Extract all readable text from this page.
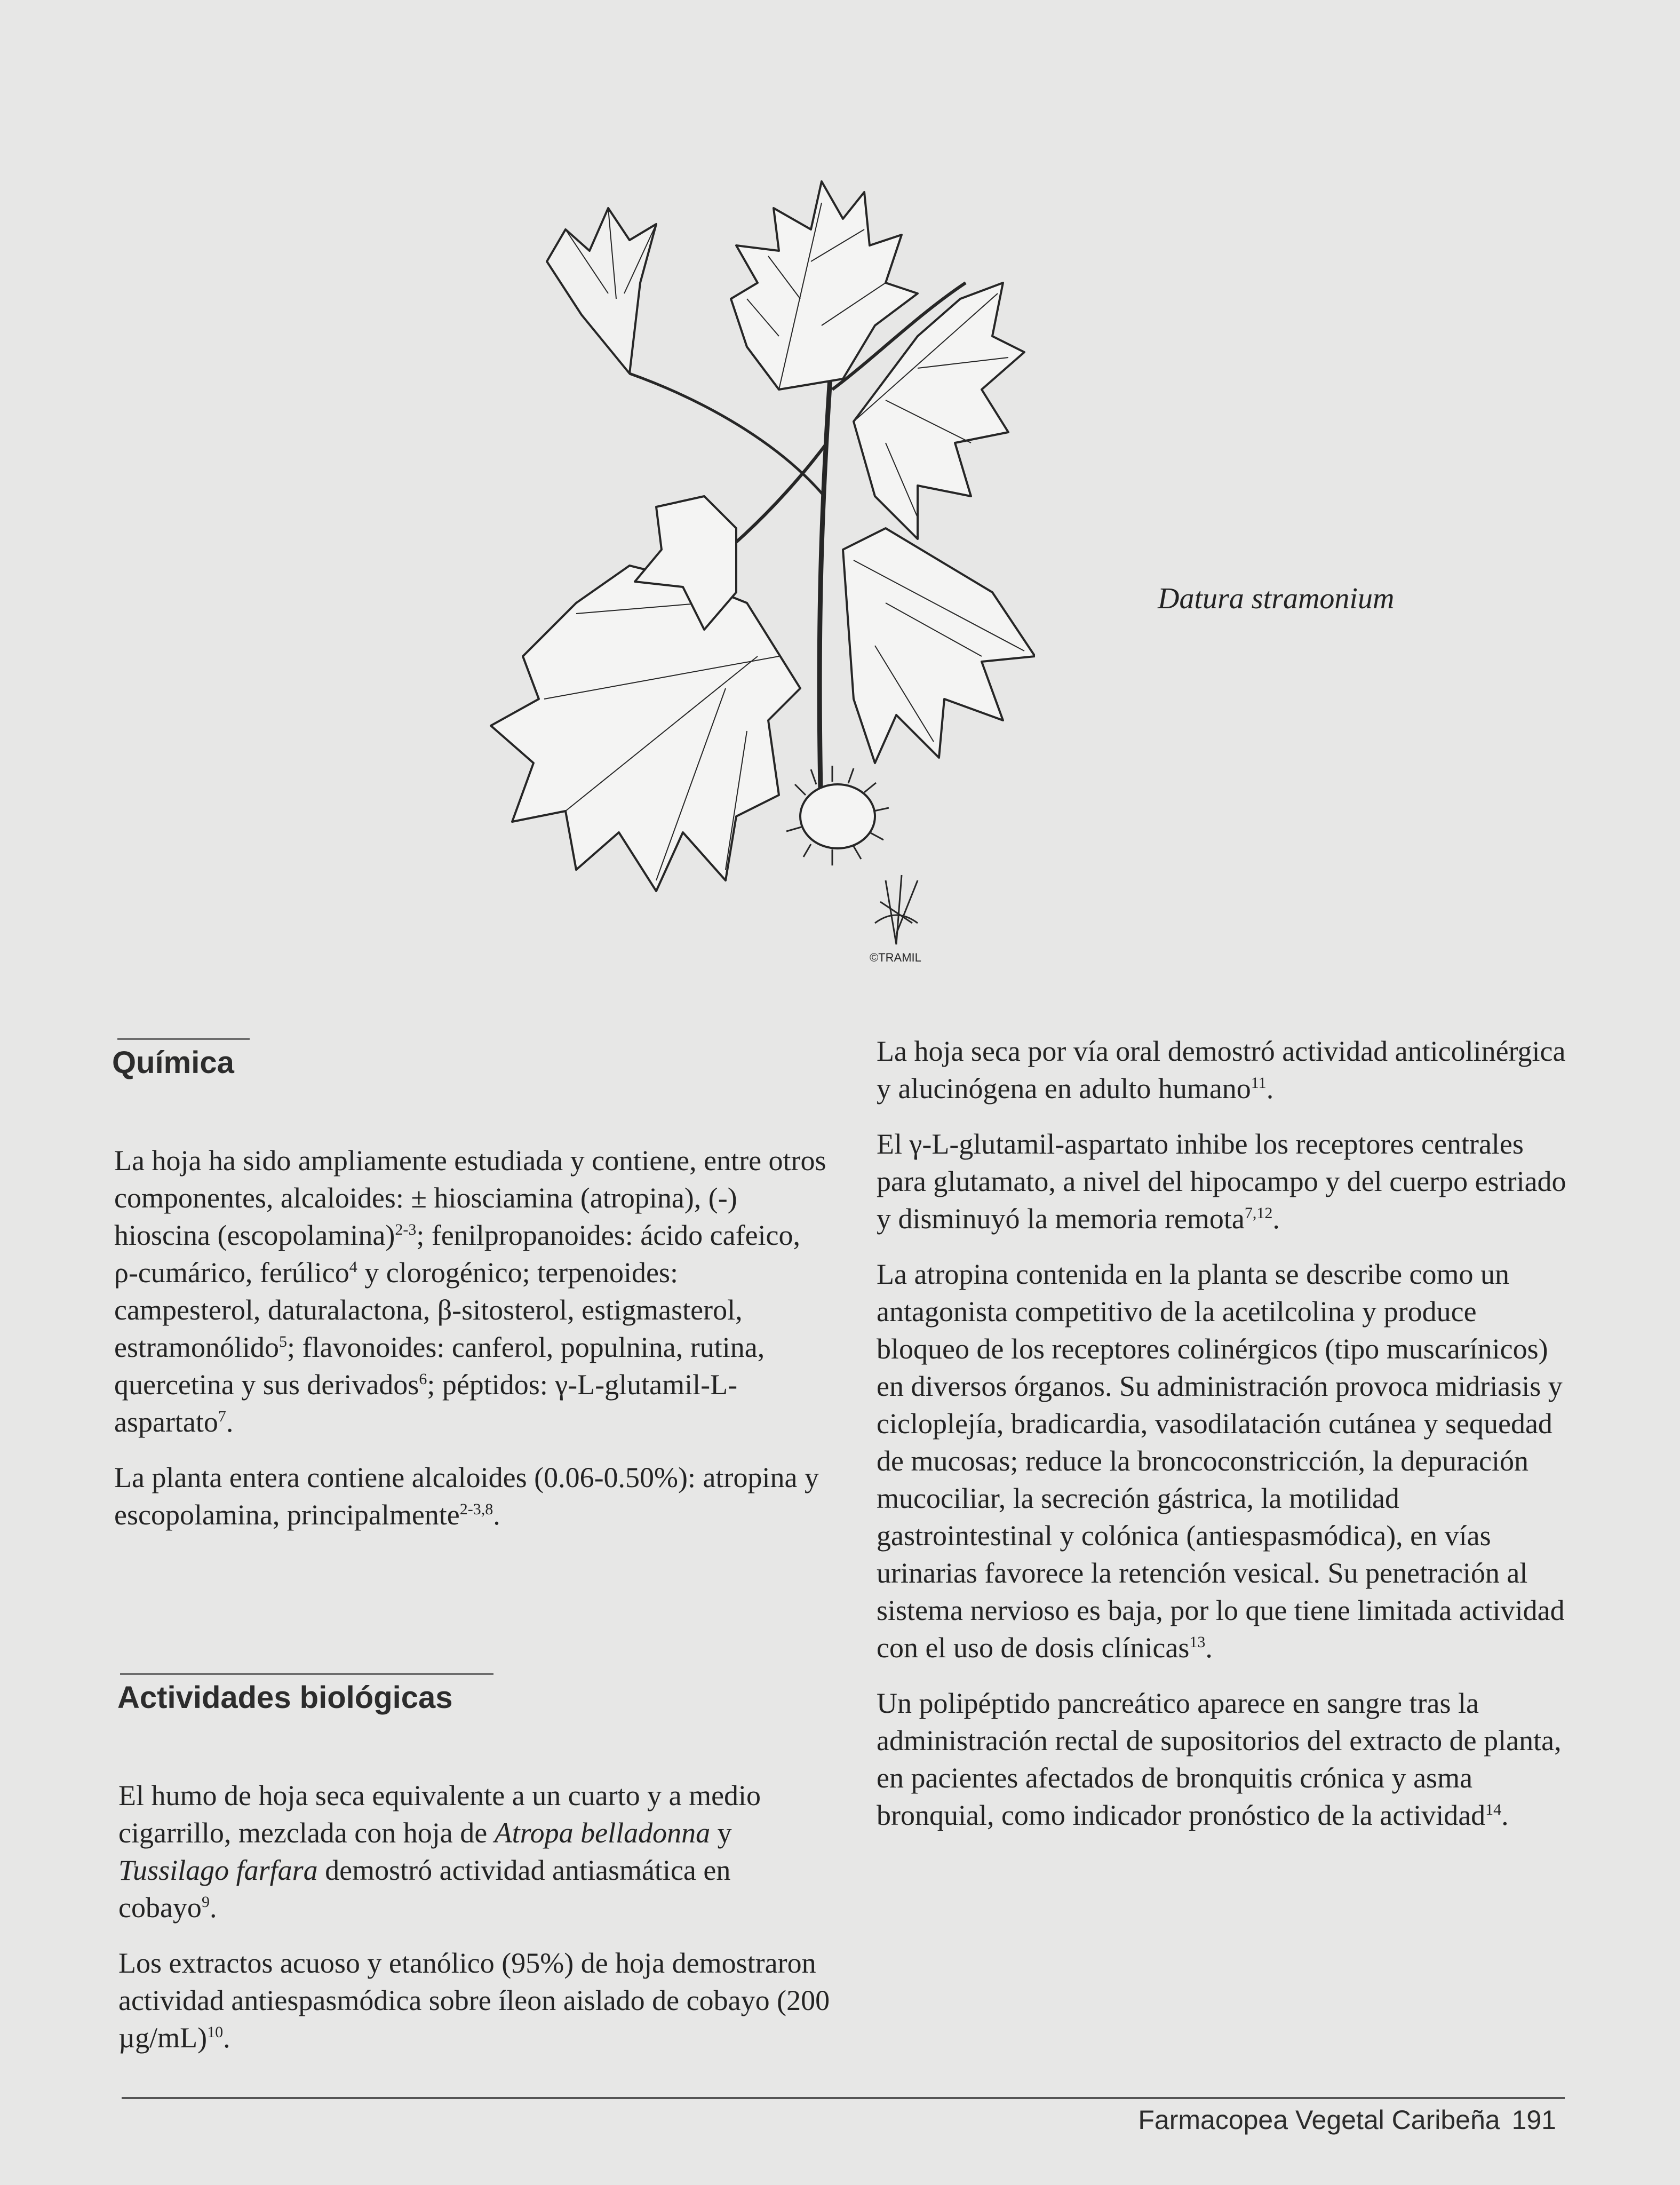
©TRAMIL
Datura stramonium
Química

La hoja ha sido ampliamente estudiada y contiene, entre otros componentes, alcaloides: ± hiosciamina (atropina), (-) hioscina (escopolamina)$^{2-3}$; fenilpropanoides: ácido cafeico, ρ-cumárico, ferúlico$^4$ y clorogénico; terpenoides: campesterol, daturalactona, β-sitosterol, estigmasterol, estramonólido$^5$; flavonoides: canferol, populnina, rutina, quercetina y sus derivados$^6$; péptidos: γ-L-glutamil-L-aspartato$^7$.

La planta entera contiene alcaloides (0.06-0.50%): atropina y escopolamina, principalmente$^{2-3,8}$.

Actividades biológicas

El humo de hoja seca equivalente a un cuarto y a medio cigarrillo, mezclada con hoja de Atropa belladonna y Tussilago farfara demostró actividad antiasmática en cobayo$^9$.

Los extractos acuoso y etanólico (95%) de hoja demostraron actividad antiespasmódica sobre íleon aislado de cobayo (200 µg/mL)$^{10}$.

La hoja seca por vía oral demostró actividad anticolinérgica y alucinógena en adulto humano$^{11}$.

El γ-L-glutamil-aspartato inhibe los receptores centrales para glutamato, a nivel del hipocampo y del cuerpo estriado y disminuyó la memoria remota$^{7,12}$.

La atropina contenida en la planta se describe como un antagonista competitivo de la acetilcolina y produce bloqueo de los receptores colinérgicos (tipo muscarínicos) en diversos órganos. Su administración provoca midriasis y cicloplejía, bradicardia, vasodilatación cutánea y sequedad de mucosas; reduce la broncoconstricción, la depuración mucociliar, la secreción gástrica, la motilidad gastrointestinal y colónica (antiespasmódica), en vías urinarias favorece la retención vesical. Su penetración al sistema nervioso es baja, por lo que tiene limitada actividad con el uso de dosis clínicas$^{13}$.

Un polipéptido pancreático aparece en sangre tras la administración rectal de supositorios del extracto de planta, en pacientes afectados de bronquitis crónica y asma bronquial, como indicador pronóstico de la actividad$^{14}$.

Farmacopea Vegetal Caribeña 191
